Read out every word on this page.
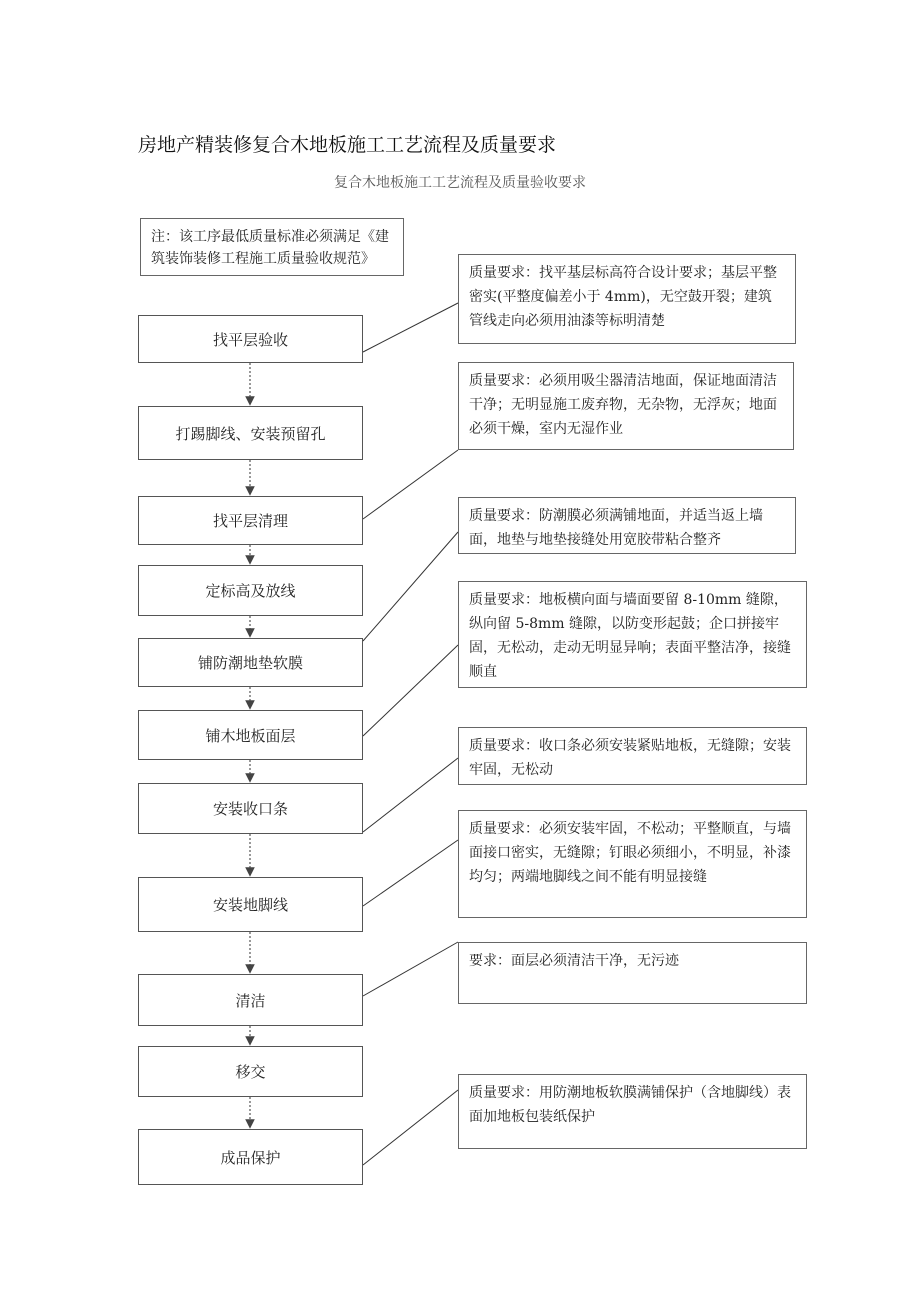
房地产精装修复合木地板施工工艺流程及质量要求
复合木地板施工工艺流程及质量验收要求
注：该工序最低质量标准必须满足《建筑装饰装修工程施工质量验收规范》
找平层验收
打踢脚线、安装预留孔
找平层清理
定标高及放线
铺防潮地垫软膜
铺木地板面层
安装收口条
安装地脚线
清洁
移交
成品保护
质量要求：找平基层标高符合设计要求；基层平整密实(平整度偏差小于 4mm)，无空鼓开裂；建筑管线走向必须用油漆等标明清楚
质量要求：必须用吸尘器清洁地面，保证地面清洁干净；无明显施工废弃物，无杂物，无浮灰；地面必须干燥，室内无湿作业
质量要求：防潮膜必须满铺地面，并适当返上墙面，地垫与地垫接缝处用宽胶带粘合整齐
质量要求：地板横向面与墙面要留 8-10mm 缝隙，纵向留 5-8mm 缝隙，以防变形起鼓；企口拼接牢固，无松动，走动无明显异响；表面平整洁净，接缝顺直
质量要求：收口条必须安装紧贴地板，无缝隙；安装牢固，无松动
质量要求：必须安装牢固，不松动；平整顺直，与墙面接口密实，无缝隙；钉眼必须细小，不明显，补漆均匀；两端地脚线之间不能有明显接缝
要求：面层必须清洁干净，无污迹
质量要求：用防潮地板软膜满铺保护（含地脚线）表面加地板包装纸保护
